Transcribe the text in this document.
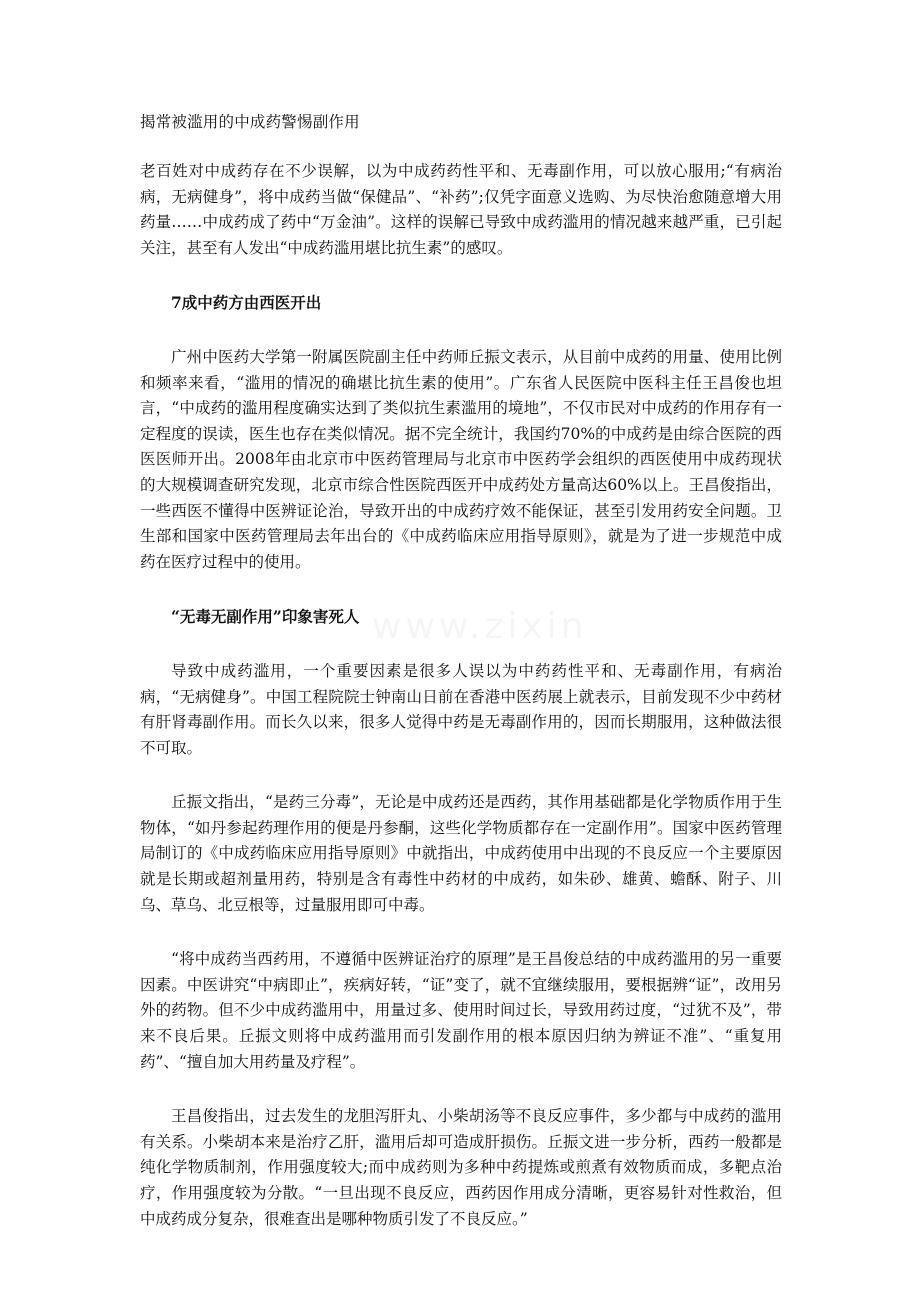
揭常被滥用的中成药警惕副作用

老百姓对中成药存在不少误解，以为中成药药性平和、无毒副作用，可以放心服用;“有病治病，无病健身”，将中成药当做“保健品”、“补药”;仅凭字面意义选购、为尽快治愈随意增大用药量……中成药成了药中“万金油”。这样的误解已导致中成药滥用的情况越来越严重，已引起关注，甚至有人发出“中成药滥用堪比抗生素”的感叹。

7成中药方由西医开出

广州中医药大学第一附属医院副主任中药师丘振文表示，从目前中成药的用量、使用比例和频率来看，“滥用的情况的确堪比抗生素的使用”。广东省人民医院中医科主任王昌俊也坦言，“中成药的滥用程度确实达到了类似抗生素滥用的境地”，不仅市民对中成药的作用存有一定程度的误读，医生也存在类似情况。据不完全统计，我国约70%的中成药是由综合医院的西医医师开出。2008年由北京市中医药管理局与北京市中医药学会组织的西医使用中成药现状的大规模调查研究发现，北京市综合性医院西医开中成药处方量高达60%以上。王昌俊指出，一些西医不懂得中医辨证论治，导致开出的中成药疗效不能保证，甚至引发用药安全问题。卫生部和国家中医药管理局去年出台的《中成药临床应用指导原则》，就是为了进一步规范中成药在医疗过程中的使用。

“无毒无副作用”印象害死人

导致中成药滥用，一个重要因素是很多人误以为中药药性平和、无毒副作用，有病治病，“无病健身”。中国工程院院士钟南山日前在香港中医药展上就表示，目前发现不少中药材有肝肾毒副作用。而长久以来，很多人觉得中药是无毒副作用的，因而长期服用，这种做法很不可取。

丘振文指出，“是药三分毒”，无论是中成药还是西药，其作用基础都是化学物质作用于生物体，“如丹参起药理作用的便是丹参酮，这些化学物质都存在一定副作用”。国家中医药管理局制订的《中成药临床应用指导原则》中就指出，中成药使用中出现的不良反应一个主要原因就是长期或超剂量用药，特别是含有毒性中药材的中成药，如朱砂、雄黄、蟾酥、附子、川乌、草乌、北豆根等，过量服用即可中毒。

“将中成药当西药用，不遵循中医辨证治疗的原理”是王昌俊总结的中成药滥用的另一重要因素。中医讲究“中病即止”，疾病好转，“证”变了，就不宜继续服用，要根据辨“证”，改用另外的药物。但不少中成药滥用中，用量过多、使用时间过长，导致用药过度，“过犹不及”，带来不良后果。丘振文则将中成药滥用而引发副作用的根本原因归纳为辨证不准”、“重复用药”、“擅自加大用药量及疗程”。

王昌俊指出，过去发生的龙胆泻肝丸、小柴胡汤等不良反应事件，多少都与中成药的滥用有关系。小柴胡本来是治疗乙肝，滥用后却可造成肝损伤。丘振文进一步分析，西药一般都是纯化学物质制剂，作用强度较大;而中成药则为多种中药提炼或煎煮有效物质而成，多靶点治疗，作用强度较为分散。“一旦出现不良反应，西药因作用成分清晰，更容易针对性救治，但中成药成分复杂，很难查出是哪种物质引发了不良反应。”
